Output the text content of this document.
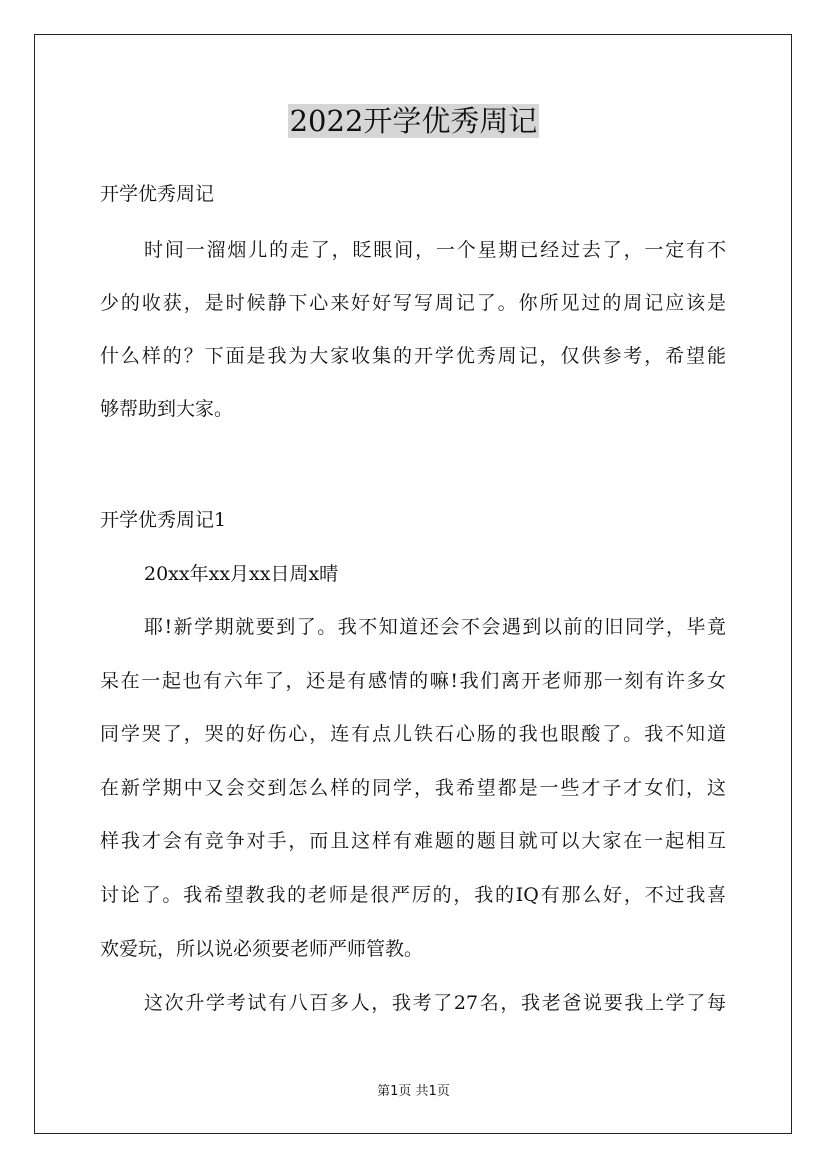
2022开学优秀周记

开学优秀周记

时间一溜烟儿的走了，眨眼间，一个星期已经过去了，一定有不

少的收获，是时候静下心来好好写写周记了。你所见过的周记应该是

什么样的？下面是我为大家收集的开学优秀周记，仅供参考，希望能

够帮助到大家。

开学优秀周记1

20xx年xx月xx日周x晴

耶!新学期就要到了。我不知道还会不会遇到以前的旧同学，毕竟

呆在一起也有六年了，还是有感情的嘛!我们离开老师那一刻有许多女

同学哭了，哭的好伤心，连有点儿铁石心肠的我也眼酸了。我不知道

在新学期中又会交到怎么样的同学，我希望都是一些才子才女们，这

样我才会有竞争对手，而且这样有难题的题目就可以大家在一起相互

讨论了。我希望教我的老师是很严厉的，我的IQ有那么好，不过我喜

欢爱玩，所以说必须要老师严师管教。

这次升学考试有八百多人，我考了27名，我老爸说要我上学了每

第1页 共1页
